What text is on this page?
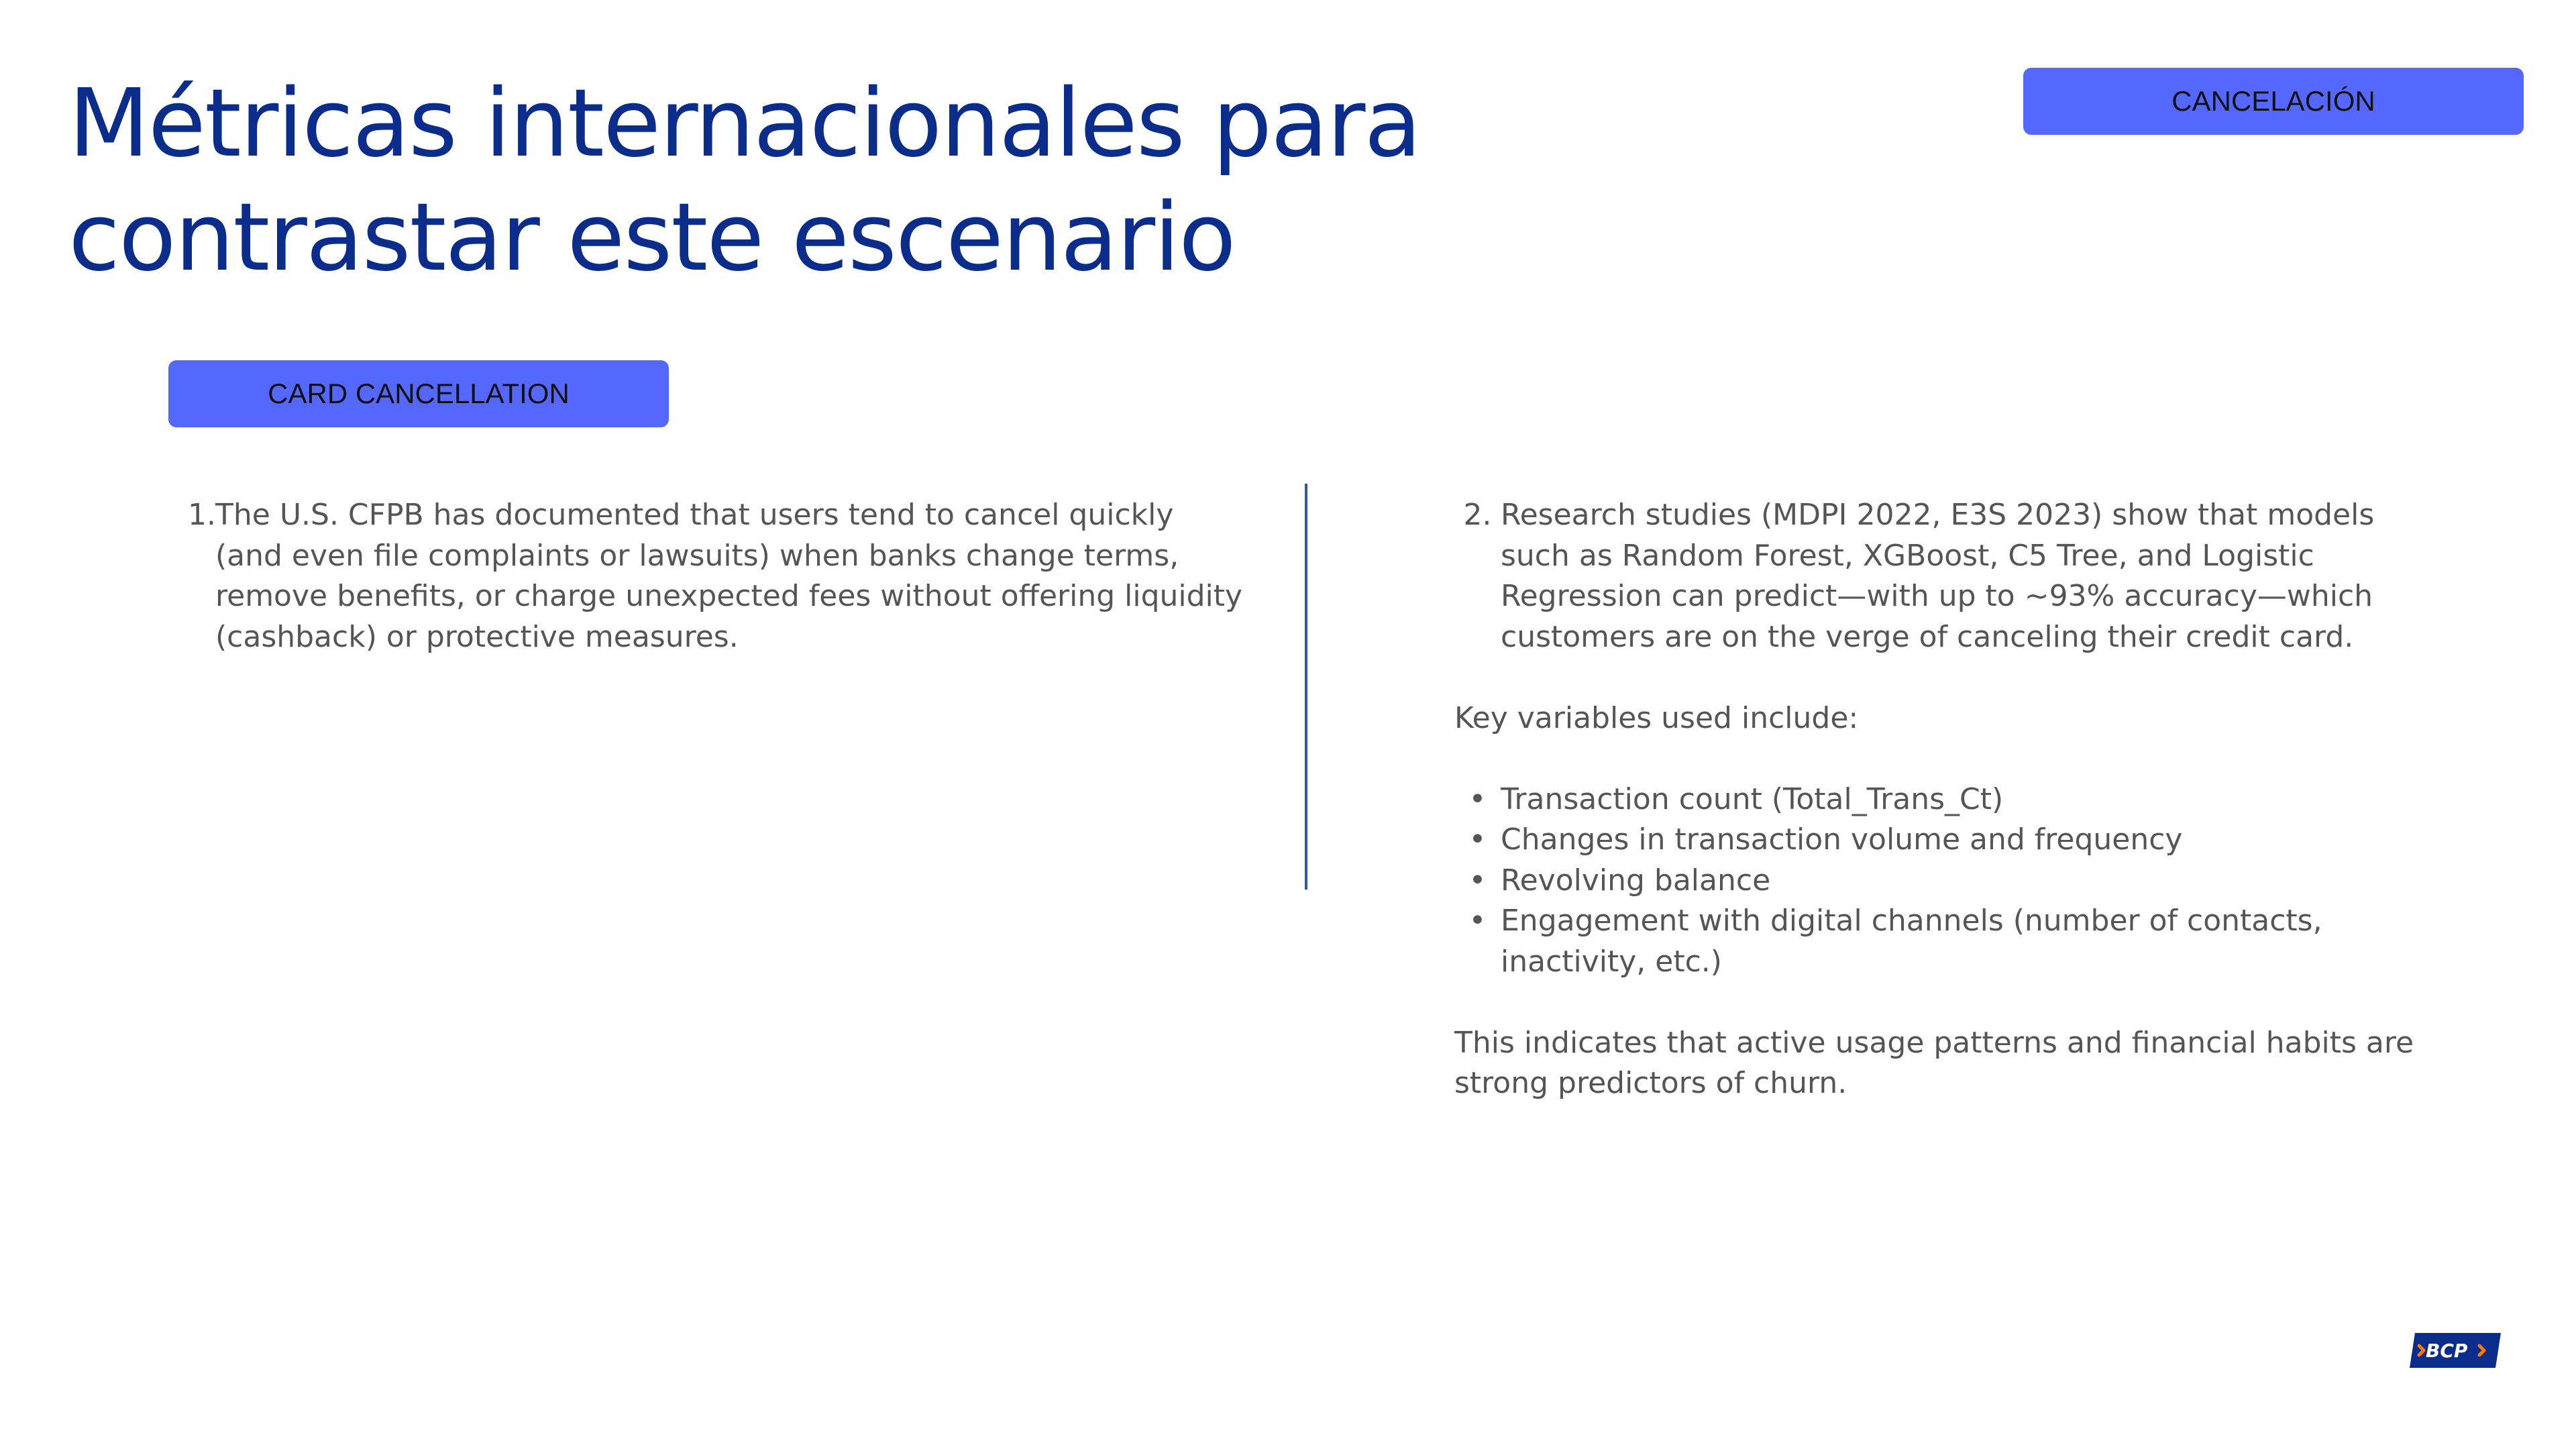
Métricas internacionales para
contrastar este escenario
CANCELACIÓN
CARD CANCELLATION
1. The U.S. CFPB has documented that users tend to cancel quickly
(and even file complaints or lawsuits) when banks change terms,
remove benefits, or charge unexpected fees without offering liquidity
(cashback) or protective measures.
2. Research studies (MDPI 2022, E3S 2023) show that models
such as Random Forest, XGBoost, C5 Tree, and Logistic
Regression can predict—with up to ~93% accuracy—which
customers are on the verge of canceling their credit card.

Key variables used include:

• Transaction count (Total_Trans_Ct)
• Changes in transaction volume and frequency
• Revolving balance
• Engagement with digital channels (number of contacts,
inactivity, etc.)
This indicates that active usage patterns and financial habits are
strong predictors of churn.
BCP
